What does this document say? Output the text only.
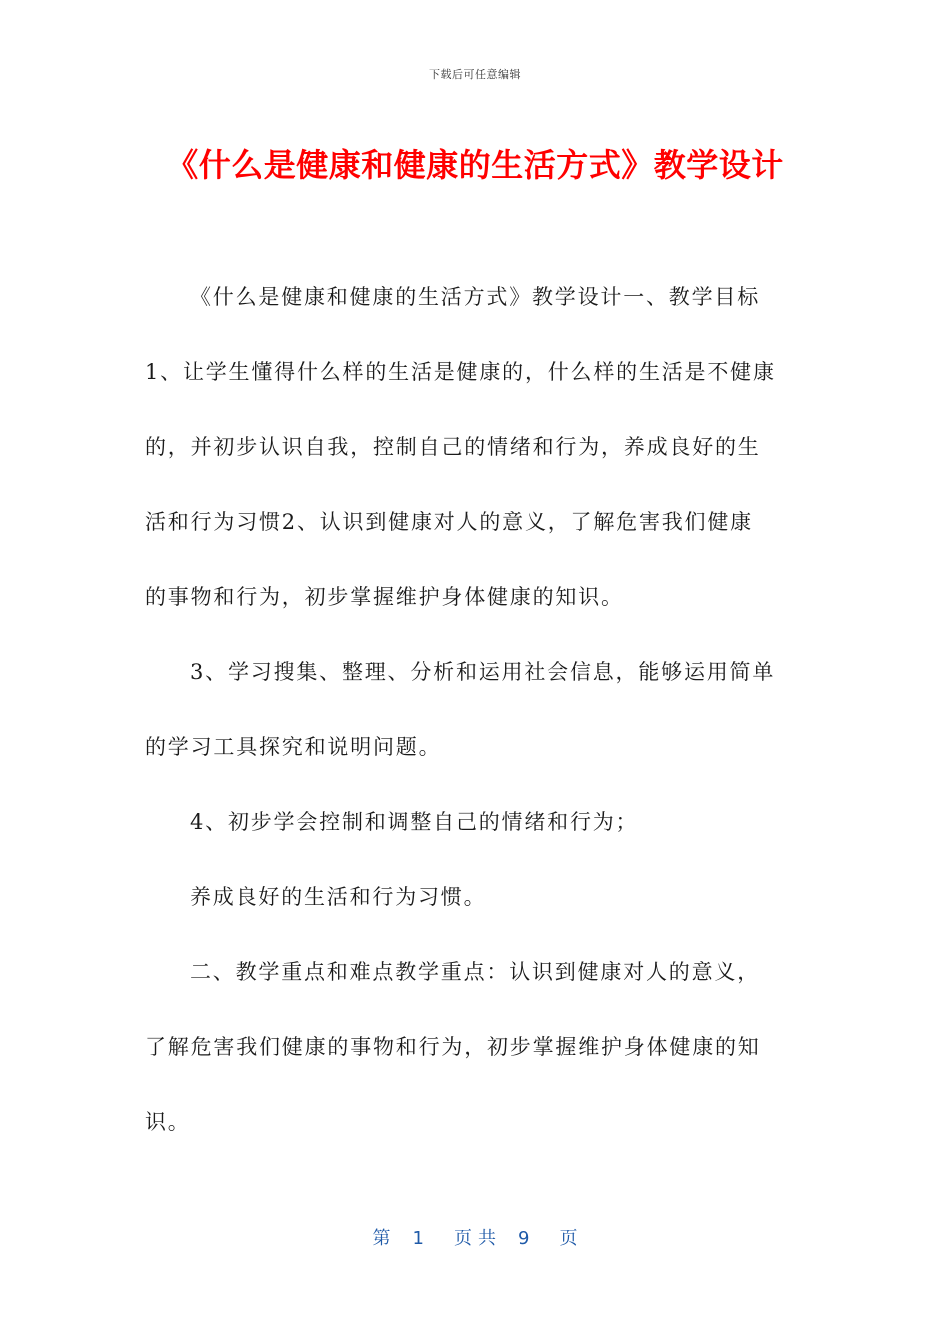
下载后可任意编辑
《什么是健康和健康的生活方式》教学设计
《什么是健康和健康的生活方式》教学设计一、教学目标
1、让学生懂得什么样的生活是健康的，什么样的生活是不健康
的，并初步认识自我，控制自己的情绪和行为，养成良好的生
活和行为习惯2、认识到健康对人的意义，了解危害我们健康
的事物和行为，初步掌握维护身体健康的知识。
3、学习搜集、整理、分析和运用社会信息，能够运用简单
的学习工具探究和说明问题。
4、初步学会控制和调整自己的情绪和行为；
养成良好的生活和行为习惯。
二、教学重点和难点教学重点：认识到健康对人的意义，
了解危害我们健康的事物和行为，初步掌握维护身体健康的知
识。
第 1 页 共 9 页
